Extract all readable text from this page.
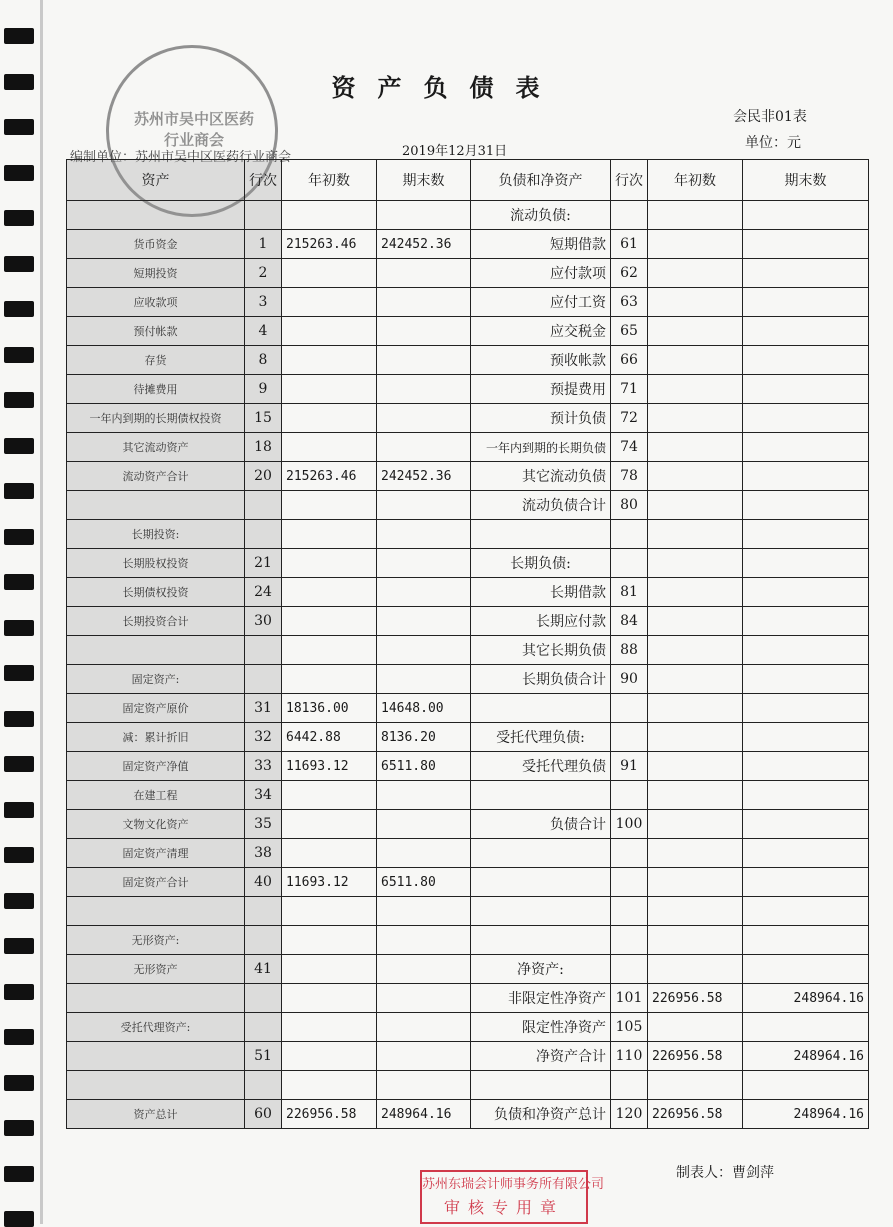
苏州市吴中区医药行业商会
资产负债表
会民非01表
单位：元
编制单位：苏州市吴中区医药行业商会	2019年12月31日
资产	行次	年初数	期末数	负债和净资产	行次	年初数	期末数
				流动负债:			
货币资金	1	215263.46	242452.36	短期借款	61		
短期投资	2			应付款项	62		
应收款项	3			应付工资	63		
预付帐款	4			应交税金	65		
存货	8			预收帐款	66		
待摊费用	9			预提费用	71		
一年内到期的长期债权投资	15			预计负债	72		
其它流动资产	18			一年内到期的长期负债	74		
流动资产合计	20	215263.46	242452.36	其它流动负债	78		
				流动负债合计	80		
长期投资:							
长期股权投资	21			长期负债:			
长期债权投资	24			长期借款	81		
长期投资合计	30			长期应付款	84		
				其它长期负债	88		
固定资产:				长期负债合计	90		
固定资产原价	31	18136.00	14648.00				
减：累计折旧	32	6442.88	8136.20	受托代理负债:			
固定资产净值	33	11693.12	6511.80	受托代理负债	91		
在建工程	34						
文物文化资产	35			负债合计	100		
固定资产清理	38						
固定资产合计	40	11693.12	6511.80				

无形资产:							
无形资产	41			净资产:			
				非限定性净资产	101	226956.58	248964.16
受托代理资产:				限定性净资产	105		
	51			净资产合计	110	226956.58	248964.16

资产总计	60	226956.58	248964.16	负债和净资产总计	120	226956.58	248964.16
制表人：曹剑萍
苏州东瑞会计师事务所有限公司
审核专用章
